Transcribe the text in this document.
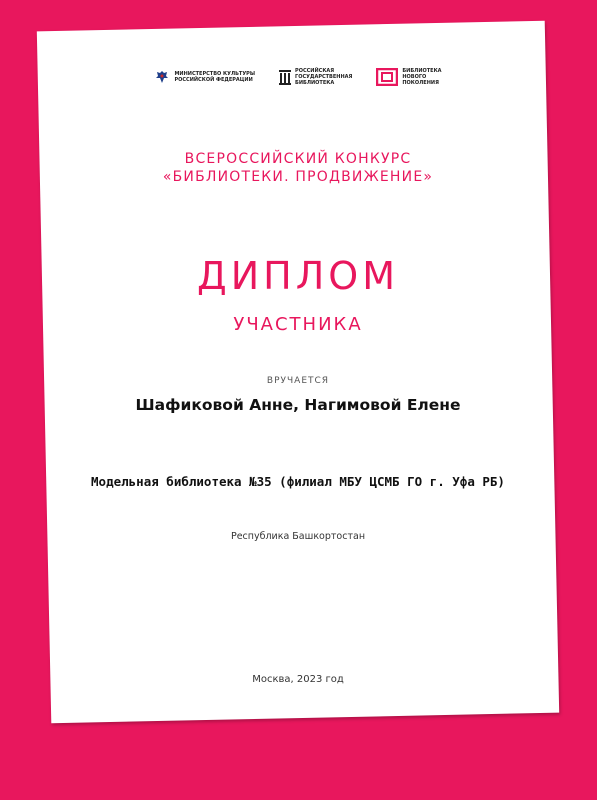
МИНИСТЕРСТВО КУЛЬТУРЫ
РОССИЙСКОЙ ФЕДЕРАЦИИ
РОССИЙСКАЯ
ГОСУДАРСТВЕННАЯ
БИБЛИОТЕКА
БИБЛИОТЕКА
НОВОГО
ПОКОЛЕНИЯ
ВСЕРОССИЙСКИЙ КОНКУРС
«БИБЛИОТЕКИ. ПРОДВИЖЕНИЕ»
ДИПЛОМ
УЧАСТНИКА
ВРУЧАЕТСЯ
Шафиковой Анне, Нагимовой Елене
Модельная библиотека №35 (филиал МБУ ЦСМБ ГО г. Уфа РБ)
Республика Башкортостан
Москва, 2023 год
